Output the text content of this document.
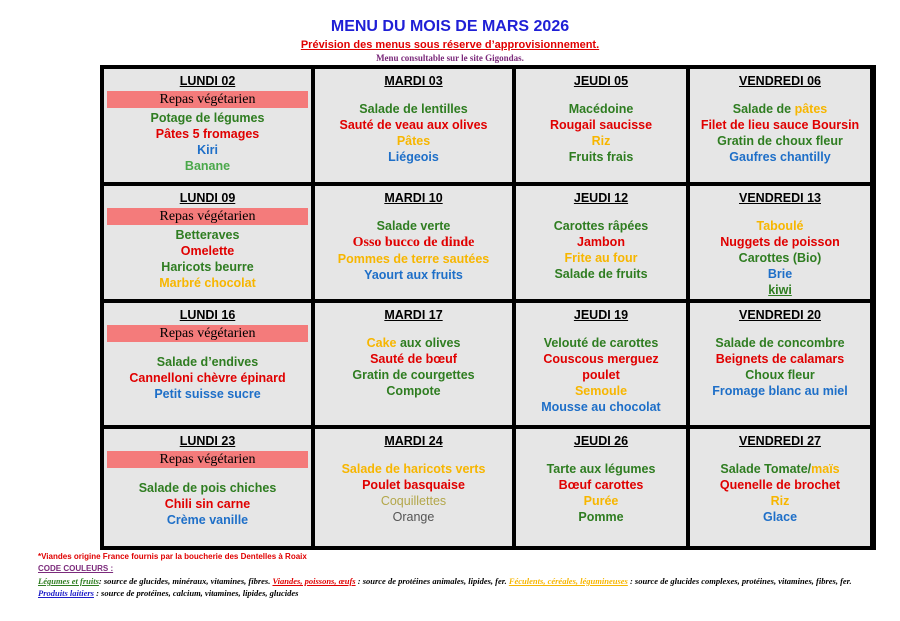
MENU DU MOIS DE MARS 2026
Prévision des menus sous réserve d’approvisionnement.
Menu consultable sur le site Gigondas.
LUNDI 02
Repas végétarien
Potage de légumes
Pâtes 5 fromages
Kiri
Banane
MARDI 03
Salade de lentilles
Sauté de veau aux olives
Pâtes
Liégeois
JEUDI 05
Macédoine
Rougail saucisse
Riz
Fruits frais
VENDREDI 06
Salade de pâtes
Filet de lieu sauce Boursin
Gratin de choux fleur
Gaufres chantilly
LUNDI 09
Repas végétarien
Betteraves
Omelette
Haricots beurre
Marbré chocolat
MARDI 10
Salade verte
Osso bucco de dinde
Pommes de terre sautées
Yaourt aux fruits
JEUDI 12
Carottes râpées
Jambon
Frite au four
Salade de fruits
VENDREDI 13
Taboulé
Nuggets de poisson
Carottes (Bio)
Brie
kiwi
LUNDI 16
Repas végétarien
Salade d’endives
Cannelloni chèvre épinard
Petit suisse sucre
MARDI 17
Cake aux olives
Sauté de bœuf
Gratin de courgettes
Compote
JEUDI 19
Velouté de carottes
Couscous merguez
poulet
Semoule
Mousse au chocolat
VENDREDI 20
Salade de concombre
Beignets de calamars
Choux fleur
Fromage blanc au miel
LUNDI 23
Repas végétarien
Salade de pois chiches
Chili sin carne
Crème vanille
MARDI 24
Salade de haricots verts
Poulet basquaise
Coquillettes
Orange
JEUDI 26
Tarte aux légumes
Bœuf carottes
Purée
Pomme
VENDREDI 27
Salade Tomate/maïs
Quenelle de brochet
Riz
Glace
*Viandes origine France fournis par la boucherie des Dentelles à Roaix
CODE COULEURS :
Légumes et fruits: source de glucides, minéraux, vitamines, fibres. Viandes, poissons, œufs : source de protéines animales, lipides, fer. Féculents, céréales, légumineuses : source de glucides complexes, protéines, vitamines, fibres, fer. Produits laitiers : source de protéines, calcium, vitamines, lipides, glucides
